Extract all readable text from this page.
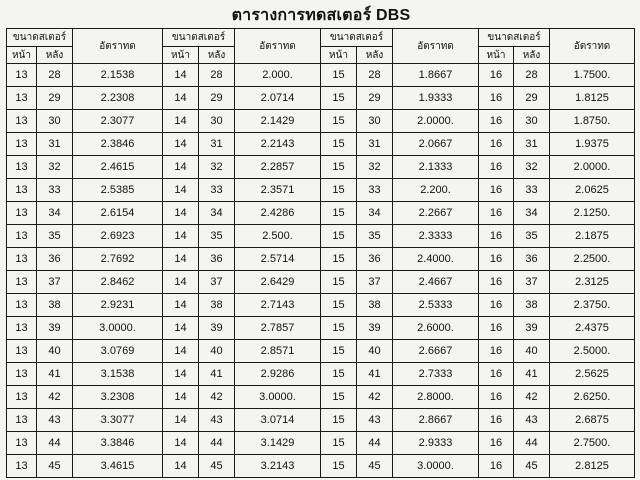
ตารางการทดสเตอร์ DBS
ขนาดสเตอร์		อัตราทด	ขนาดสเตอร์		อัตราทด	ขนาดสเตอร์		อัตราทด	ขนาดสเตอร์		อัตราทด
หน้า	หลัง		หน้า	หลัง		หน้า	หลัง		หน้า	หลัง	
13	28	2.1538	14	28	2.000.	15	28	1.8667	16	28	1.7500.
13	29	2.2308	14	29	2.0714	15	29	1.9333	16	29	1.8125
13	30	2.3077	14	30	2.1429	15	30	2.0000.	16	30	1.8750.
13	31	2.3846	14	31	2.2143	15	31	2.0667	16	31	1.9375
13	32	2.4615	14	32	2.2857	15	32	2.1333	16	32	2.0000.
13	33	2.5385	14	33	2.3571	15	33	2.200.	16	33	2.0625
13	34	2.6154	14	34	2.4286	15	34	2.2667	16	34	2.1250.
13	35	2.6923	14	35	2.500.	15	35	2.3333	16	35	2.1875
13	36	2.7692	14	36	2.5714	15	36	2.4000.	16	36	2.2500.
13	37	2.8462	14	37	2.6429	15	37	2.4667	16	37	2.3125
13	38	2.9231	14	38	2.7143	15	38	2.5333	16	38	2.3750.
13	39	3.0000.	14	39	2.7857	15	39	2.6000.	16	39	2.4375
13	40	3.0769	14	40	2.8571	15	40	2.6667	16	40	2.5000.
13	41	3.1538	14	41	2.9286	15	41	2.7333	16	41	2.5625
13	42	3.2308	14	42	3.0000.	15	42	2.8000.	16	42	2.6250.
13	43	3.3077	14	43	3.0714	15	43	2.8667	16	43	2.6875
13	44	3.3846	14	44	3.1429	15	44	2.9333	16	44	2.7500.
13	45	3.4615	14	45	3.2143	15	45	3.0000.	16	45	2.8125
